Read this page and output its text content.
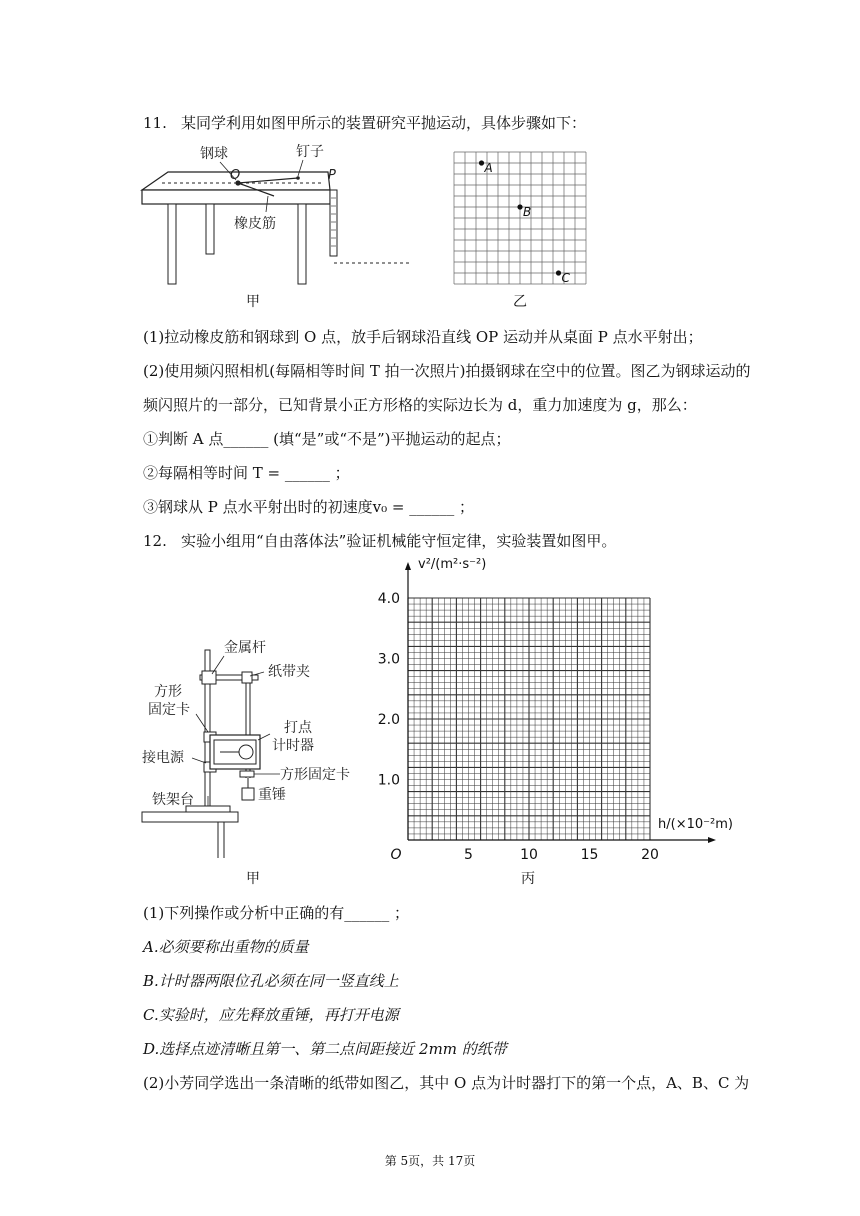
11. 某同学利用如图甲所示的装置研究平抛运动，具体步骤如下：
钢球	钉子
O	P
橡皮筋
甲
A
B
C
乙
(1)拉动橡皮筋和钢球到 O 点，放手后钢球沿直线 OP 运动并从桌面 P 点水平射出；
(2)使用频闪照相机(每隔相等时间 T 拍一次照片)拍摄钢球在空中的位置。图乙为钢球运动的
频闪照片的一部分，已知背景小正方形格的实际边长为 d，重力加速度为 g，那么：
①判断 A 点______ (填“是”或“不是”)平抛运动的起点；
②每隔相等时间 T = ______ ；
③钢球从 P 点水平射出时的初速度v₀ = ______ ；
12. 实验小组用“自由落体法”验证机械能守恒定律，实验装置如图甲。
金属杆
纸带夹
方形
固定卡
打点
计时器
接电源
方形固定卡
重锤
铁架台
甲
5	10	15	20
1.0
2.0
3.0
4.0
O
h/(×10⁻²m)
v²/(m²·s⁻²)
丙
(1)下列操作或分析中正确的有______ ；
A.必须要称出重物的质量
B.计时器两限位孔必须在同一竖直线上
C.实验时，应先释放重锤，再打开电源
D.选择点迹清晰且第一、第二点间距接近 2mm 的纸带
(2)小芳同学选出一条清晰的纸带如图乙，其中 O 点为计时器打下的第一个点，A、B、C 为
第 5页，共 17页
